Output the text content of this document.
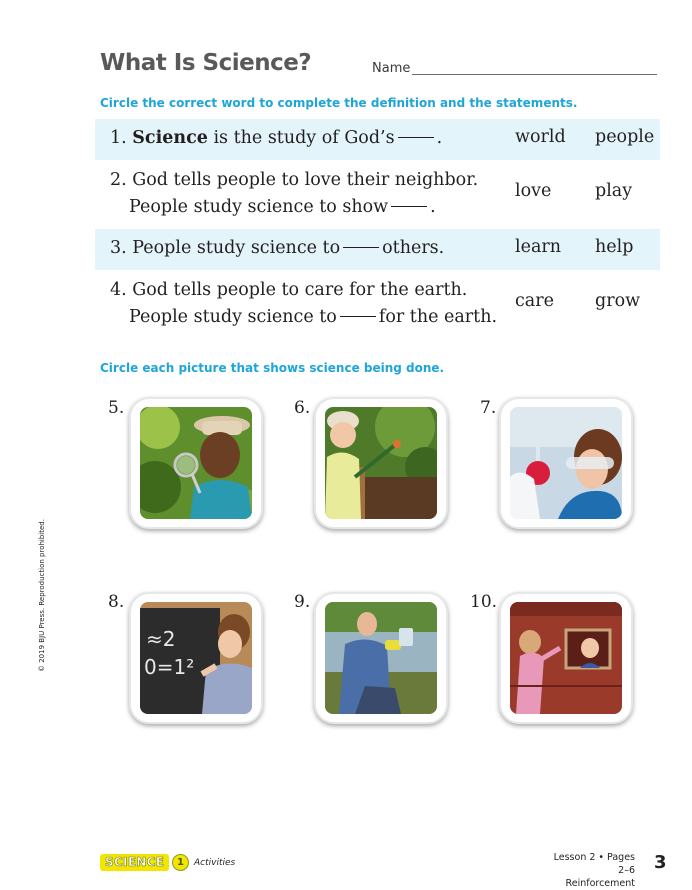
What Is Science?	Name
Circle the correct word to complete the definition and the statements.
1. Science is the study of God’s .	world people
2. God tells people to love their neighbor.
People study science to show .
love play
3. People study science to others.	learn help
4. God tells people to care for the earth.
People study science to for the earth.
care grow
Circle each picture that shows science being done.
5.	6.	7.
8.
≈2
0=1²
9.	10.
© 2019 BJU Press. Reproduction prohibited.
SCIENCE	1	Activities	Lesson 2 • Pages 2–6
Reinforcement
3
